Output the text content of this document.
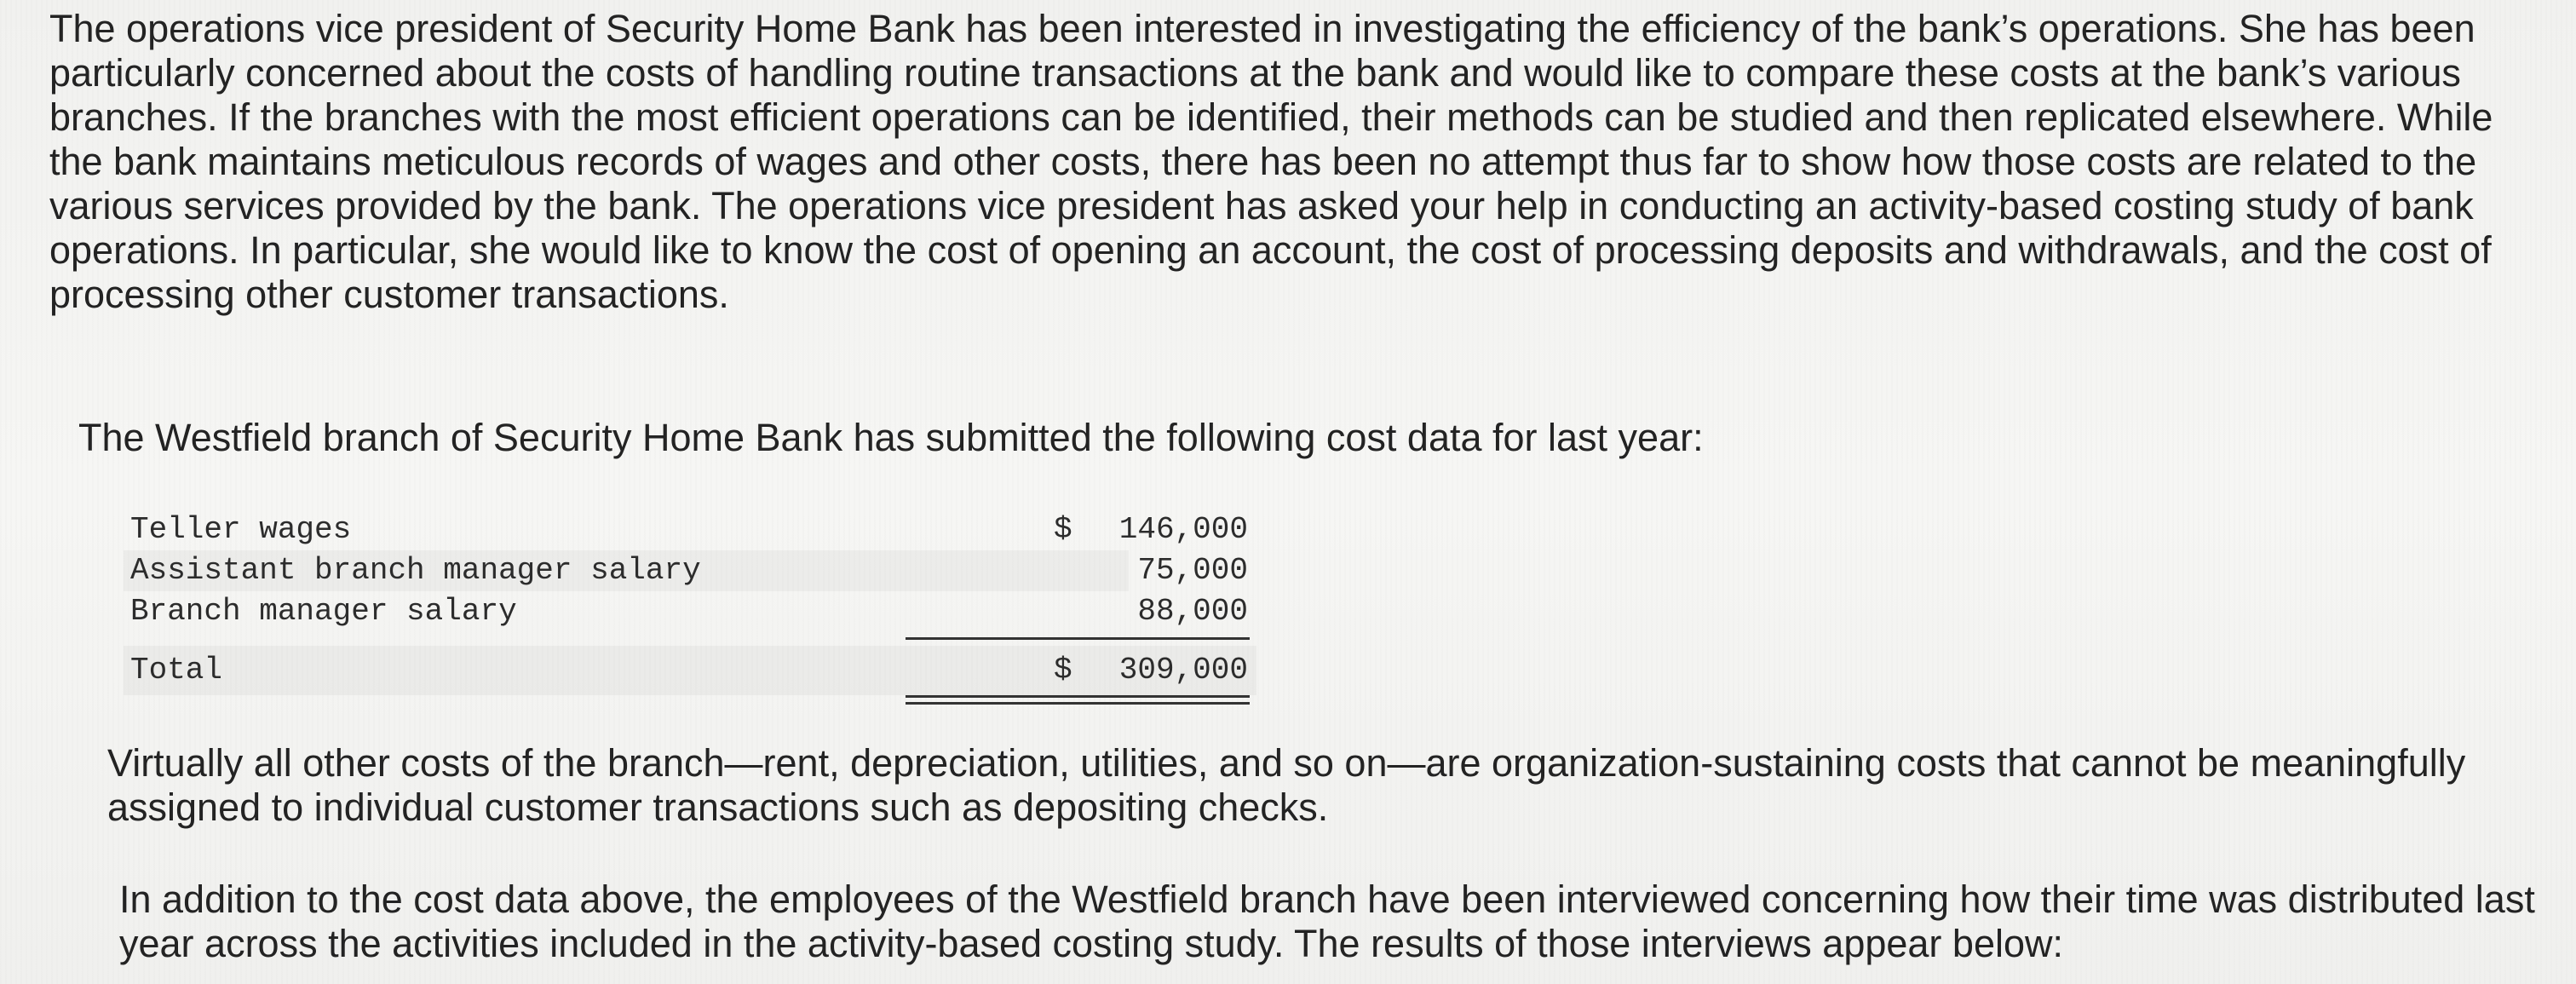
The operations vice president of Security Home Bank has been interested in investigating the efficiency of the bank’s operations. She has been particularly concerned about the costs of handling routine transactions at the bank and would like to compare these costs at the bank’s various branches. If the branches with the most efficient operations can be identified, their methods can be studied and then replicated elsewhere. While the bank maintains meticulous records of wages and other costs, there has been no attempt thus far to show how those costs are related to the various services provided by the bank. The operations vice president has asked your help in conducting an activity-based costing study of bank operations. In particular, she would like to know the cost of opening an account, the cost of processing deposits and withdrawals, and the cost of processing other customer transactions.

The Westfield branch of Security Home Bank has submitted the following cost data for last year:

Teller wages	$ 146,000
Assistant branch manager salary	75,000
Branch manager salary	88,000
Total	$ 309,000

Virtually all other costs of the branch—rent, depreciation, utilities, and so on—are organization-sustaining costs that cannot be meaningfully assigned to individual customer transactions such as depositing checks.

In addition to the cost data above, the employees of the Westfield branch have been interviewed concerning how their time was distributed last year across the activities included in the activity-based costing study. The results of those interviews appear below:
